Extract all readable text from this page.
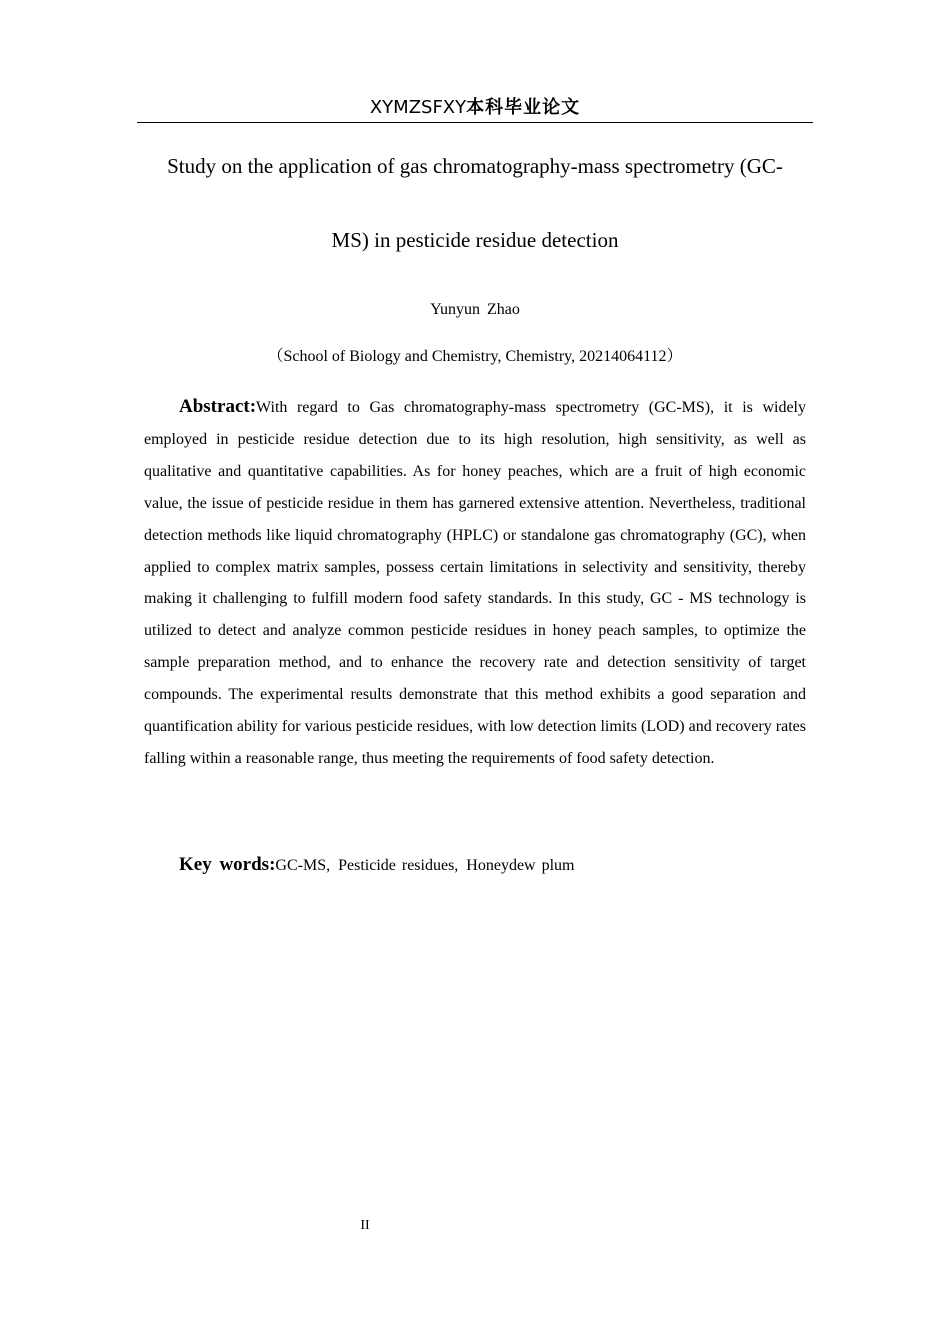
XYMZSFXY本科毕业论文
Study on the application of gas chromatography-mass spectrometry (GC-
MS) in pesticide residue detection
Yunyun Zhao
（School of Biology and Chemistry, Chemistry, 20214064112）

Abstract:With regard to Gas chromatography-mass spectrometry (GC-MS), it is widely employed in pesticide residue detection due to its high resolution, high sensitivity, as well as qualitative and quantitative capabilities. As for honey peaches, which are a fruit of high economic value, the issue of pesticide residue in them has garnered extensive attention. Nevertheless, traditional detection methods like liquid chromatography (HPLC) or standalone gas chromatography (GC), when applied to complex matrix samples, possess certain limitations in selectivity and sensitivity, thereby making it challenging to fulfill modern food safety standards. In this study, GC - MS technology is utilized to detect and analyze common pesticide residues in honey peach samples, to optimize the sample preparation method, and to enhance the recovery rate and detection sensitivity of target compounds. The experimental results demonstrate that this method exhibits a good separation and quantification ability for various pesticide residues, with low detection limits (LOD) and recovery rates falling within a reasonable range, thus meeting the requirements of food safety detection.

Key words:GC-MS, Pesticide residues, Honeydew plum

II
